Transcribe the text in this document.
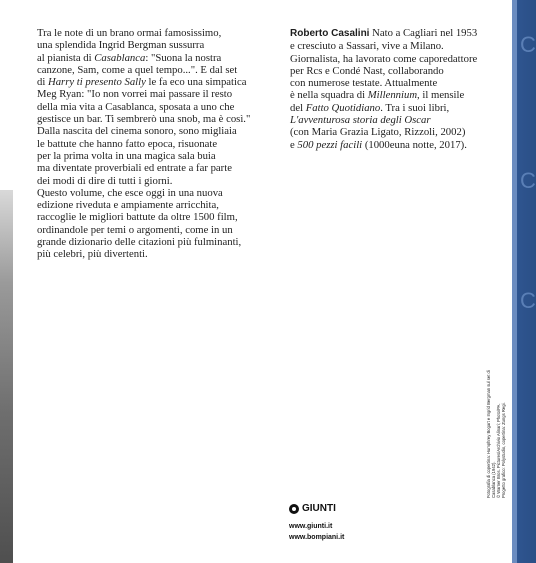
Tra le note di un brano ormai famosissimo,

una splendida Ingrid Bergman sussurra

al pianista di Casablanca: "Suona la nostra

canzone, Sam, come a quel tempo...". E dal set

di Harry ti presento Sally le fa eco una simpatica

Meg Ryan: "Io non vorrei mai passare il resto

della mia vita a Casablanca, sposata a uno che

gestisce un bar. Ti sembrerò una snob, ma è così."

Dalla nascita del cinema sonoro, sono migliaia

le battute che hanno fatto epoca, risuonate

per la prima volta in una magica sala buia

ma diventate proverbiali ed entrate a far parte

dei modi di dire di tutti i giorni.

Questo volume, che esce oggi in una nuova

edizione riveduta e ampiamente arricchita,

raccoglie le migliori battute da oltre 1500 film,

ordinandole per temi o argomenti, come in un

grande dizionario delle citazioni più fulminanti,

più celebri, più divertenti.

Roberto Casalini Nato a Cagliari nel 1953

e cresciuto a Sassari, vive a Milano.

Giornalista, ha lavorato come caporedattore

per Rcs e Condé Nast, collaborando

con numerose testate. Attualmente

è nella squadra di Millennium, il mensile

del Fatto Quotidiano. Tra i suoi libri,

L'avventurosa storia degli Oscar

(con Maria Grazia Ligato, Rizzoli, 2002)

e 500 pezzi facili (1000euna notte, 2017).

GIUNTI
www.giunti.it
www.bompiani.it

Fotografia di copertina: Humphrey Bogart e Ingrid Bergman sul set di Casablanca (1942). © Warner Bros. Pictures/Archivio Alinari; Photo/PA. Progetto grafico: Polystudio, copertina: Zungs Regi.

C
C
C
